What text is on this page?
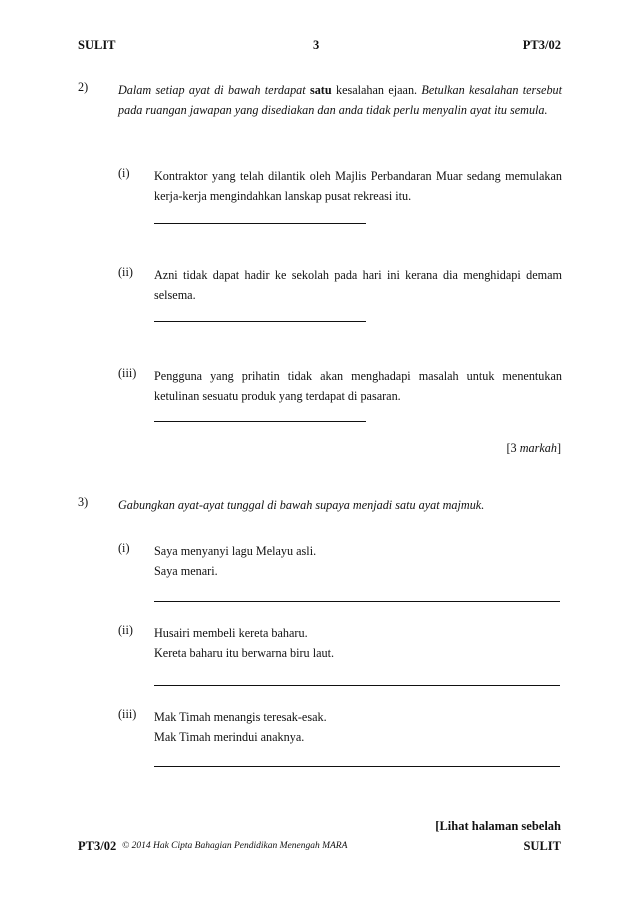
SULIT	3	PT3/02
2) Dalam setiap ayat di bawah terdapat satu kesalahan ejaan. Betulkan kesalahan tersebut pada ruangan jawapan yang disediakan dan anda tidak perlu menyalin ayat itu semula.
(i) Kontraktor yang telah dilantik oleh Majlis Perbandaran Muar sedang memulakan kerja-kerja mengindahkan lanskap pusat rekreasi itu.
(ii) Azni tidak dapat hadir ke sekolah pada hari ini kerana dia menghidapi demam selsema.
(iii) Pengguna yang prihatin tidak akan menghadapi masalah untuk menentukan ketulinan sesuatu produk yang terdapat di pasaran.
[3 markah]
3) Gabungkan ayat-ayat tunggal di bawah supaya menjadi satu ayat majmuk.
(i) Saya menyanyi lagu Melayu asli.
Saya menari.
(ii) Husairi membeli kereta baharu.
Kereta baharu itu berwarna biru laut.
(iii) Mak Timah menangis teresak-esak.
Mak Timah merindui anaknya.
[Lihat halaman sebelah
PT3/02 © 2014 Hak Cipta Bahagian Pendidikan Menengah MARA	SULIT
